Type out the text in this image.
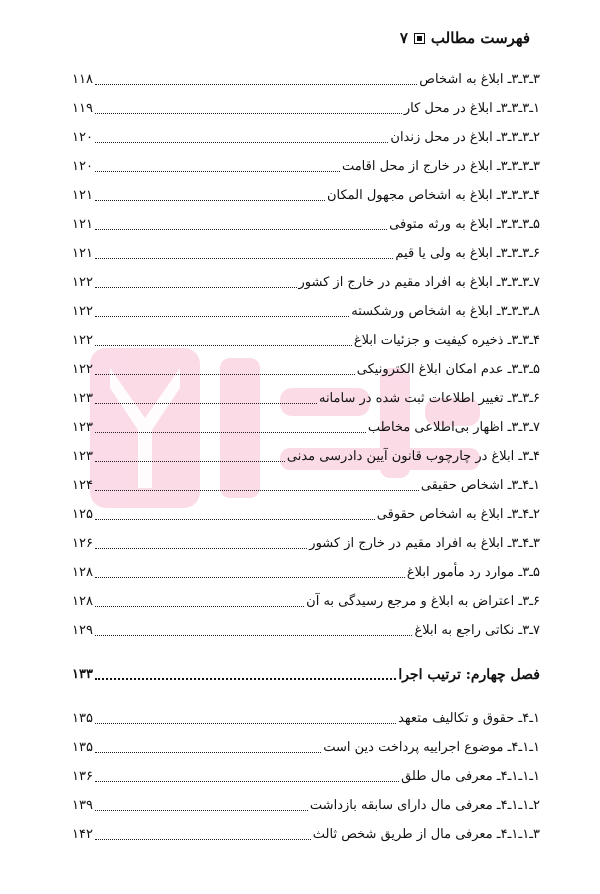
فهرست مطالب
۷
۳ـ۳ـ۳ـ ابلاغ به اشخاص
۱۱۸
۱ـ۳ـ۳ـ۳ـ ابلاغ در محل کار
۱۱۹
۲ـ۳ـ۳ـ۳ـ ابلاغ در محل زندان
۱۲۰
۳ـ۳ـ۳ـ۳ـ ابلاغ در خارج از محل اقامت
۱۲۰
۴ـ۳ـ۳ـ۳ـ ابلاغ به اشخاص مجهول المکان
۱۲۱
۵ـ۳ـ۳ـ۳ـ ابلاغ به ورثه متوفی
۱۲۱
۶ـ۳ـ۳ـ۳ـ ابلاغ به ولی یا قیم
۱۲۱
۷ـ۳ـ۳ـ۳ـ ابلاغ به افراد مقیم در خارج از کشور
۱۲۲
۸ـ۳ـ۳ـ۳ـ ابلاغ به اشخاص ورشکسته
۱۲۲
۴ـ۳ـ۳ـ ذخیره کیفیت و جزئیات ابلاغ
۱۲۲
۵ـ۳ـ۳ـ عدم امکان ابلاغ الکترونیکی
۱۲۲
۶ـ۳ـ۳ـ تغییر اطلاعات ثبت شده در سامانه
۱۲۳
۷ـ۳ـ۳ـ اظهار بی‌اطلاعی مخاطب
۱۲۳
۴ـ۳ـ ابلاغ در چارچوب قانون آیین دادرسی مدنی
۱۲۳
۱ـ۴ـ۳ـ اشخاص حقیقی
۱۲۴
۲ـ۴ـ۳ـ ابلاغ به اشخاص حقوقی
۱۲۵
۳ـ۴ـ۳ـ ابلاغ به افراد مقیم در خارج از کشور
۱۲۶
۵ـ۳ـ موارد رد مأمور ابلاغ
۱۲۸
۶ـ۳ـ اعتراض به ابلاغ و مرجع رسیدگی به آن
۱۲۸
۷ـ۳ـ نکاتی راجع به ابلاغ
۱۲۹
فصل چهارم: ترتیب اجرا
۱۳۳
۱ـ۴ـ حقوق و تکالیف متعهد
۱۳۵
۱ـ۱ـ۴ـ موضوع اجراییه پرداخت دین است
۱۳۵
۱ـ۱ـ۱ـ۴ـ معرفی مال طلق
۱۳۶
۲ـ۱ـ۱ـ۴ـ معرفی مال دارای سابقه بازداشت
۱۳۹
۳ـ۱ـ۱ـ۴ـ معرفی مال از طریق شخص ثالث
۱۴۲
